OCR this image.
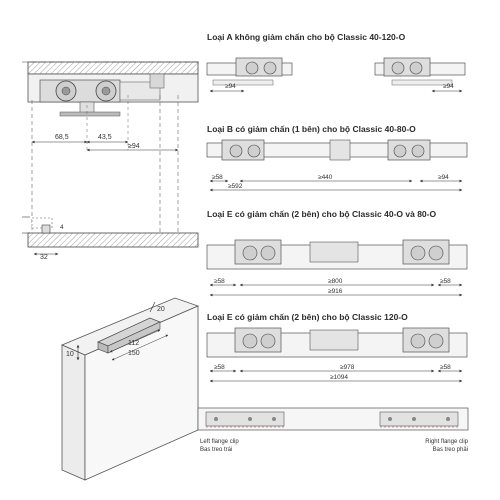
68,5	43,5
≥94
4
32
20
112
150
10
≥94	≥94
≥58	≥440	≥94
≥592
≥58	≥800	≥58
≥916
≥58	≥978	≥58
≥1094
Loại A không giảm chấn cho bộ Classic 40-120-O
Loại B có giảm chấn (1 bên) cho bộ Classic 40-80-O
Loại E có giảm chấn (2 bên) cho bộ Classic 40-O và 80-O
Loại E có giảm chấn (2 bên) cho bộ Classic 120-O
Left flange clip
Bas treo trái
Right flange clip
Bas treo phải
